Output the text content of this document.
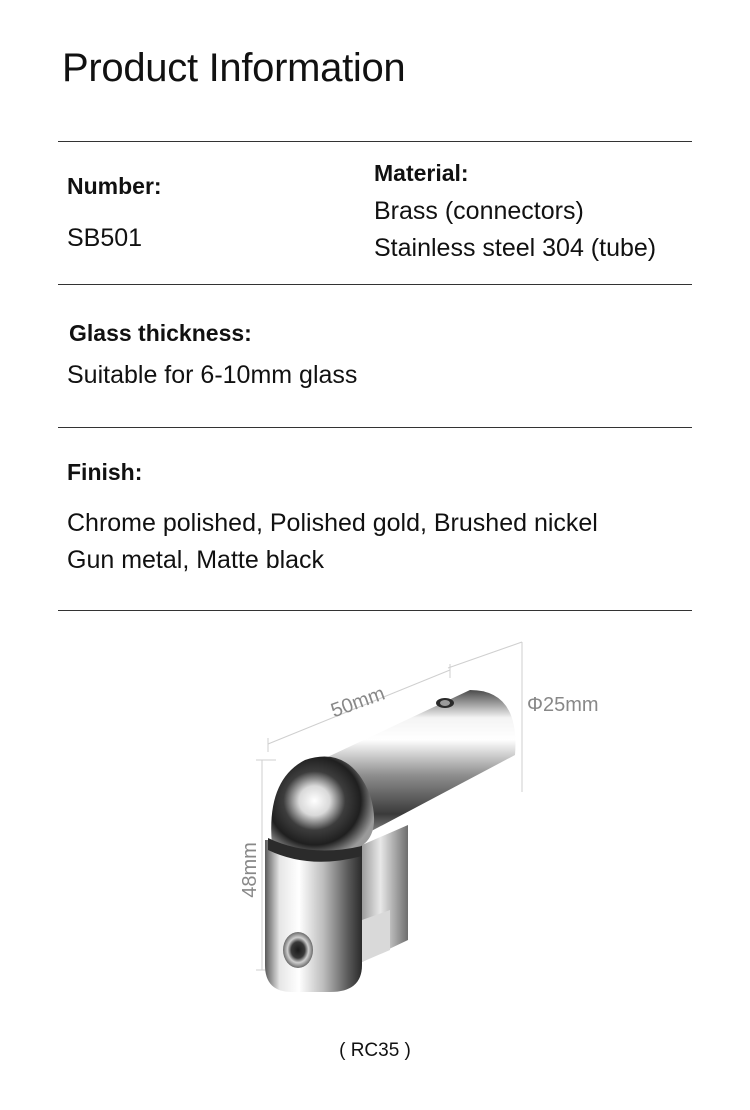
Product Information
Number:
SB501
Material:
Brass (connectors)
Stainless steel 304 (tube)
Glass thickness:
Suitable for 6-10mm glass
Finish:
Chrome polished, Polished gold, Brushed nickel
Gun metal, Matte black
50mm	Φ25mm
48mm
( RC35 )
